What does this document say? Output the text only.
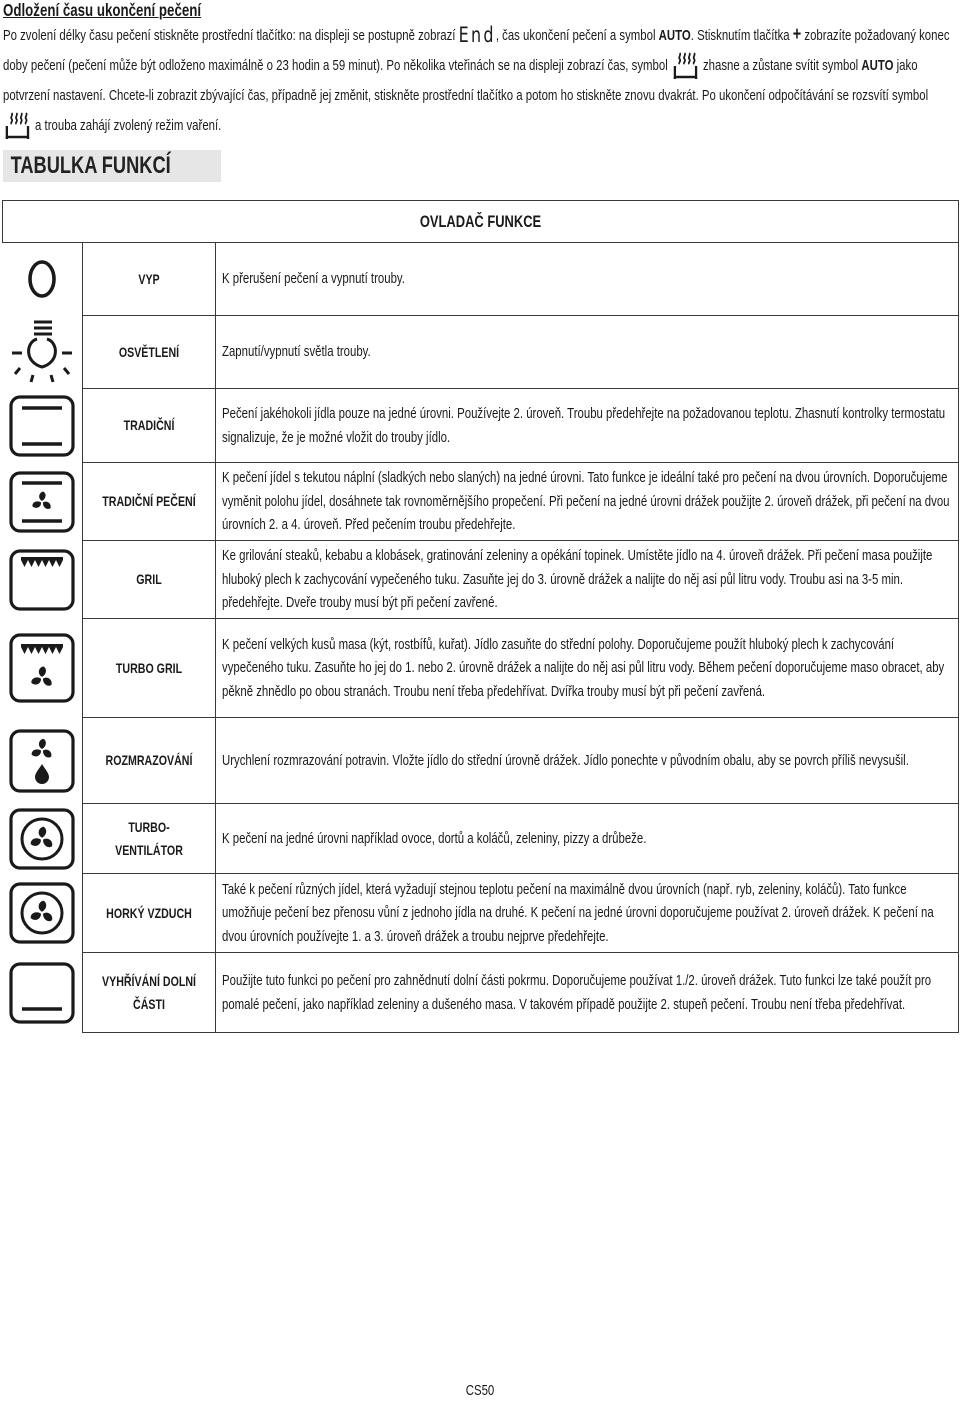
Odložení času ukončení pečení
Po zvolení délky času pečení stiskněte prostřední tlačítko: na displeji se postupně zobrazí End, čas ukončení pečení a symbol AUTO. Stisknutím tlačítka + zobrazíte požadovaný konec doby pečení (pečení může být odloženo maximálně o 23 hodin a 59 minut). Po několika vteřinách se na displeji zobrazí čas, symbol  zhasne a zůstane svítit symbol AUTO jako potvrzení nastavení. Chcete-li zobrazit zbývající čas, případně jej změnit, stiskněte prostřední tlačítko a potom ho stiskněte znovu dvakrát. Po ukončení odpočítávání se rozsvítí symbol  a trouba zahájí zvolený režim vaření.
TABULKA FUNKCÍ
OVLADAČ FUNKCE		

VYP	K přerušení pečení a vypnutí trouby.

OSVĚTLENÍ	Zapnutí/vypnutí světla trouby.

TRADIČNÍ	Pečení jakéhokoli jídla pouze na jedné úrovni. Používejte 2. úroveň. Troubu předehřejte na požadovanou teplotu. Zhasnutí kontrolky termostatu signalizuje, že je možné vložit do trouby jídlo.

TRADIČNÍ PEČENÍ	K pečení jídel s tekutou náplní (sladkých nebo slaných) na jedné úrovni. Tato funkce je ideální také pro pečení na dvou úrovních. Doporučujeme vyměnit polohu jídel, dosáhnete tak rovnoměrnějšího propečení. Při pečení na jedné úrovni drážek použijte 2. úroveň drážek, při pečení na dvou úrovních 2. a 4. úroveň. Před pečením troubu předehřejte.

GRIL	Ke grilování steaků, kebabu a klobásek, gratinování zeleniny a opékání topinek. Umístěte jídlo na 4. úroveň drážek. Při pečení masa použijte hluboký plech k zachycování vypečeného tuku. Zasuňte jej do 3. úrovně drážek a nalijte do něj asi půl litru vody. Troubu asi na 3-5 min. předehřejte. Dveře trouby musí být při pečení zavřené.

TURBO GRIL	K pečení velkých kusů masa (kýt, rostbífů, kuřat). Jídlo zasuňte do střední polohy. Doporučujeme použít hluboký plech k zachycování vypečeného tuku. Zasuňte ho jej do 1. nebo 2. úrovně drážek a nalijte do něj asi půl litru vody. Během pečení doporučujeme maso obracet, aby pěkně zhnědlo po obou stranách. Troubu není třeba předehřívat. Dvířka trouby musí být při pečení zavřená.

ROZMRAZOVÁNÍ	Urychlení rozmrazování potravin. Vložte jídlo do střední úrovně drážek. Jídlo ponechte v původním obalu, aby se povrch příliš nevysušil.

TURBO-
VENTILÁTOR	K pečení na jedné úrovni například ovoce, dortů a koláčů, zeleniny, pizzy a drůbeže.

HORKÝ VZDUCH	Také k pečení různých jídel, která vyžadují stejnou teplotu pečení na maximálně dvou úrovních (např. ryb, zeleniny, koláčů). Tato funkce umožňuje pečení bez přenosu vůní z jednoho jídla na druhé. K pečení na jedné úrovni doporučujeme používat 2. úroveň drážek. K pečení na dvou úrovních používejte 1. a 3. úroveň drážek a troubu nejprve předehřejte.

VYHŘÍVÁNÍ DOLNÍ
ČÁSTI	Použijte tuto funkci po pečení pro zahnědnutí dolní části pokrmu. Doporučujeme používat 1./2. úroveň drážek. Tuto funkci lze také použít pro pomalé pečení, jako například zeleniny a dušeného masa. V takovém případě použijte 2. stupeň pečení. Troubu není třeba předehřívat.
CS50
